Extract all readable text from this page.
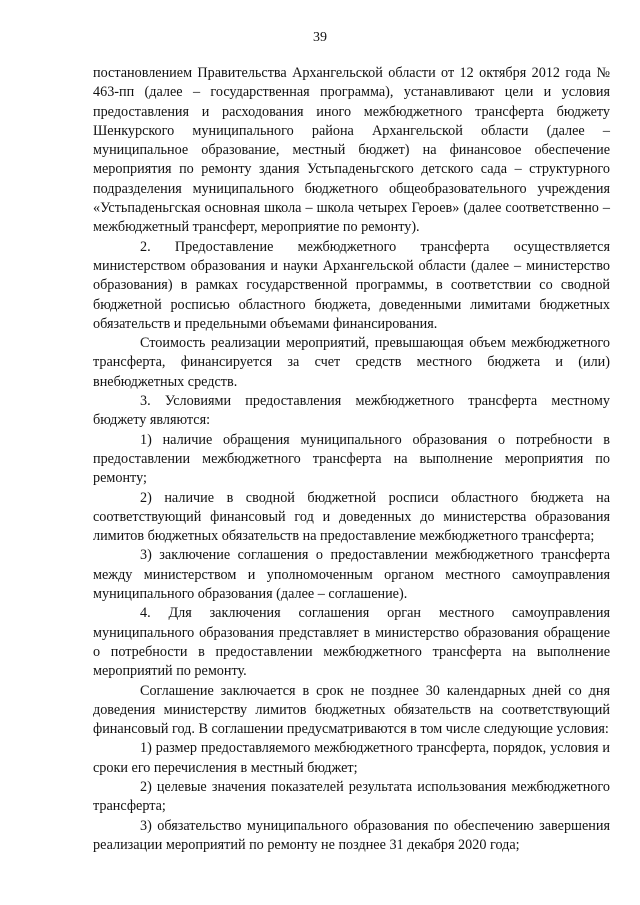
39

постановлением Правительства Архангельской области от 12 октября 2012 года № 463-пп (далее – государственная программа), устанавливают цели и условия предоставления и расходования иного межбюджетного трансферта бюджету Шенкурского муниципального района Архангельской области (далее – муниципальное образование, местный бюджет) на финансовое обеспечение мероприятия по ремонту здания Устьпаденьгского детского сада – структурного подразделения муниципального бюджетного общеобразовательного учреждения «Устьпаденьгская основная школа – школа четырех Героев» (далее соответственно – межбюджетный трансферт, мероприятие по ремонту).

2. Предоставление межбюджетного трансферта осуществляется министерством образования и науки Архангельской области (далее – министерство образования) в рамках государственной программы, в соответствии со сводной бюджетной росписью областного бюджета, доведенными лимитами бюджетных обязательств и предельными объемами финансирования.

Стоимость реализации мероприятий, превышающая объем межбюджетного трансферта, финансируется за счет средств местного бюджета и (или) внебюджетных средств.

3. Условиями предоставления межбюджетного трансферта местному бюджету являются:

1) наличие обращения муниципального образования о потребности в предоставлении межбюджетного трансферта на выполнение мероприятия по ремонту;

2) наличие в сводной бюджетной росписи областного бюджета на соответствующий финансовый год и доведенных до министерства образования лимитов бюджетных обязательств на предоставление межбюджетного трансферта;

3) заключение соглашения о предоставлении межбюджетного трансферта между министерством и уполномоченным органом местного самоуправления муниципального образования (далее – соглашение).

4. Для заключения соглашения орган местного самоуправления муниципального образования представляет в министерство образования обращение о потребности в предоставлении межбюджетного трансферта на выполнение мероприятий по ремонту.

Соглашение заключается в срок не позднее 30 календарных дней со дня доведения министерству лимитов бюджетных обязательств на соответствующий финансовый год. В соглашении предусматриваются в том числе следующие условия:

1) размер предоставляемого межбюджетного трансферта, порядок, условия и сроки его перечисления в местный бюджет;

2) целевые значения показателей результата использования межбюджетного трансферта;

3) обязательство муниципального образования по обеспечению завершения реализации мероприятий по ремонту не позднее 31 декабря 2020 года;
